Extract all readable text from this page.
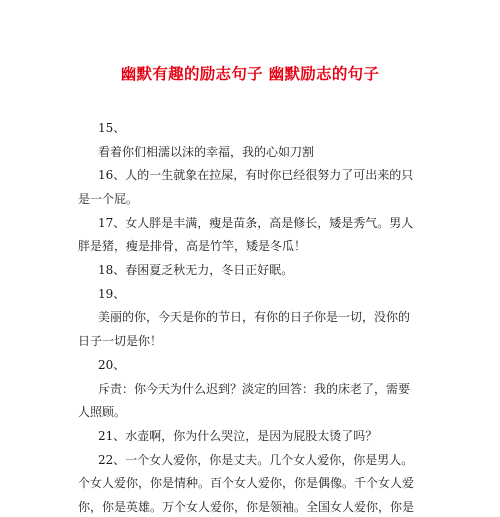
幽默有趣的励志句子 幽默励志的句子
15、
看着你们相濡以沫的幸福，我的心如刀割
16、人的一生就象在拉屎，有时你已经很努力了可出来的只
是一个屁。
17、女人胖是丰满，瘦是苗条，高是修长，矮是秀气。男人
胖是猪，瘦是排骨，高是竹竿，矮是冬瓜！
18、春困夏乏秋无力，冬日正好眠。
19、
美丽的你，今天是你的节日，有你的日子你是一切，没你的
日子一切是你！
20、
斥责：你今天为什么迟到？淡定的回答：我的床老了，需要
人照顾。
21、水壶啊，你为什么哭泣，是因为屁股太烫了吗？
22、一个女人爱你，你是丈夫。几个女人爱你，你是男人。
个女人爱你，你是情种。百个女人爱你，你是偶像。千个女人爱
你，你是英雄。万个女人爱你，你是领袖。全国女人爱你，你是
